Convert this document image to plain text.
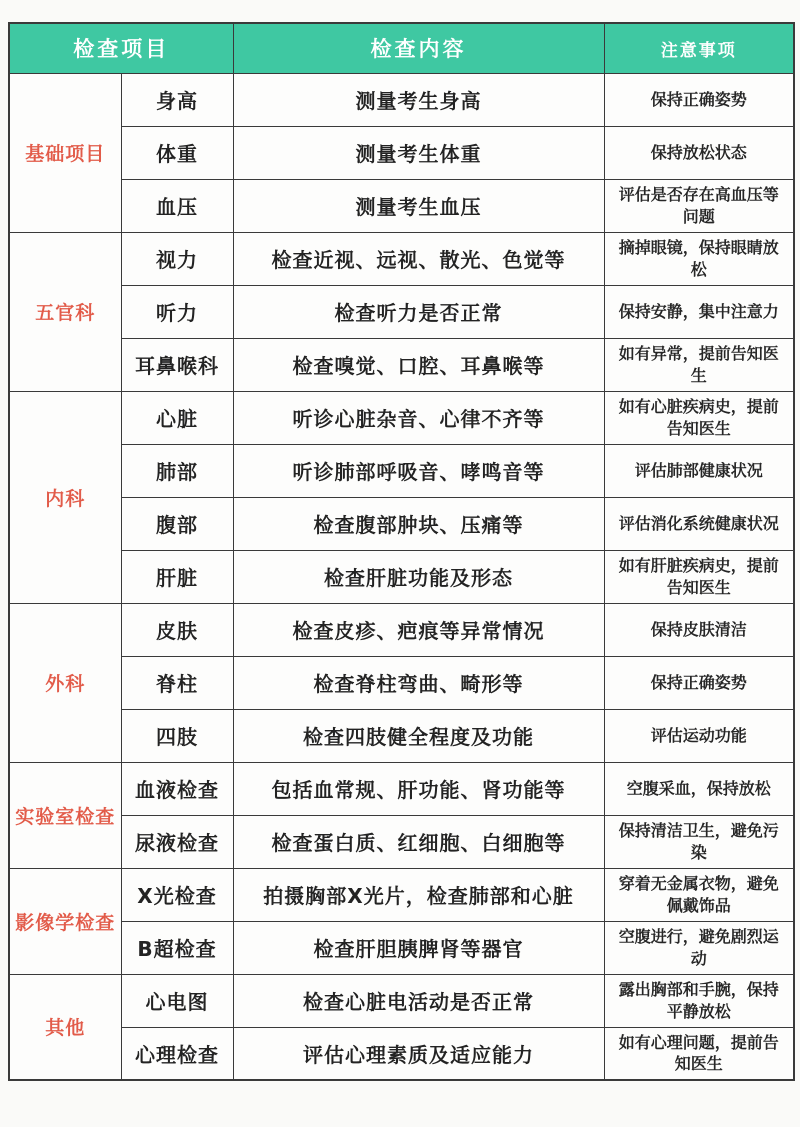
检查项目		检查内容	注意事项
基础项目	身高	测量考生身高	保持正确姿势
	体重	测量考生体重	保持放松状态
	血压	测量考生血压	评估是否存在高血压等问题
五官科	视力	检查近视、远视、散光、色觉等	摘掉眼镜，保持眼睛放松
	听力	检查听力是否正常	保持安静，集中注意力
	耳鼻喉科	检查嗅觉、口腔、耳鼻喉等	如有异常，提前告知医生
内科	心脏	听诊心脏杂音、心律不齐等	如有心脏疾病史，提前告知医生
	肺部	听诊肺部呼吸音、哮鸣音等	评估肺部健康状况
	腹部	检查腹部肿块、压痛等	评估消化系统健康状况
	肝脏	检查肝脏功能及形态	如有肝脏疾病史，提前告知医生
外科	皮肤	检查皮疹、疤痕等异常情况	保持皮肤清洁
	脊柱	检查脊柱弯曲、畸形等	保持正确姿势
	四肢	检查四肢健全程度及功能	评估运动功能
实验室检查	血液检查	包括血常规、肝功能、肾功能等	空腹采血，保持放松
	尿液检查	检查蛋白质、红细胞、白细胞等	保持清洁卫生，避免污染
影像学检查	X光检查	拍摄胸部X光片，检查肺部和心脏	穿着无金属衣物，避免佩戴饰品
	B超检查	检查肝胆胰脾肾等器官	空腹进行，避免剧烈运动
其他	心电图	检查心脏电活动是否正常	露出胸部和手腕，保持平静放松
	心理检查	评估心理素质及适应能力	如有心理问题，提前告知医生
